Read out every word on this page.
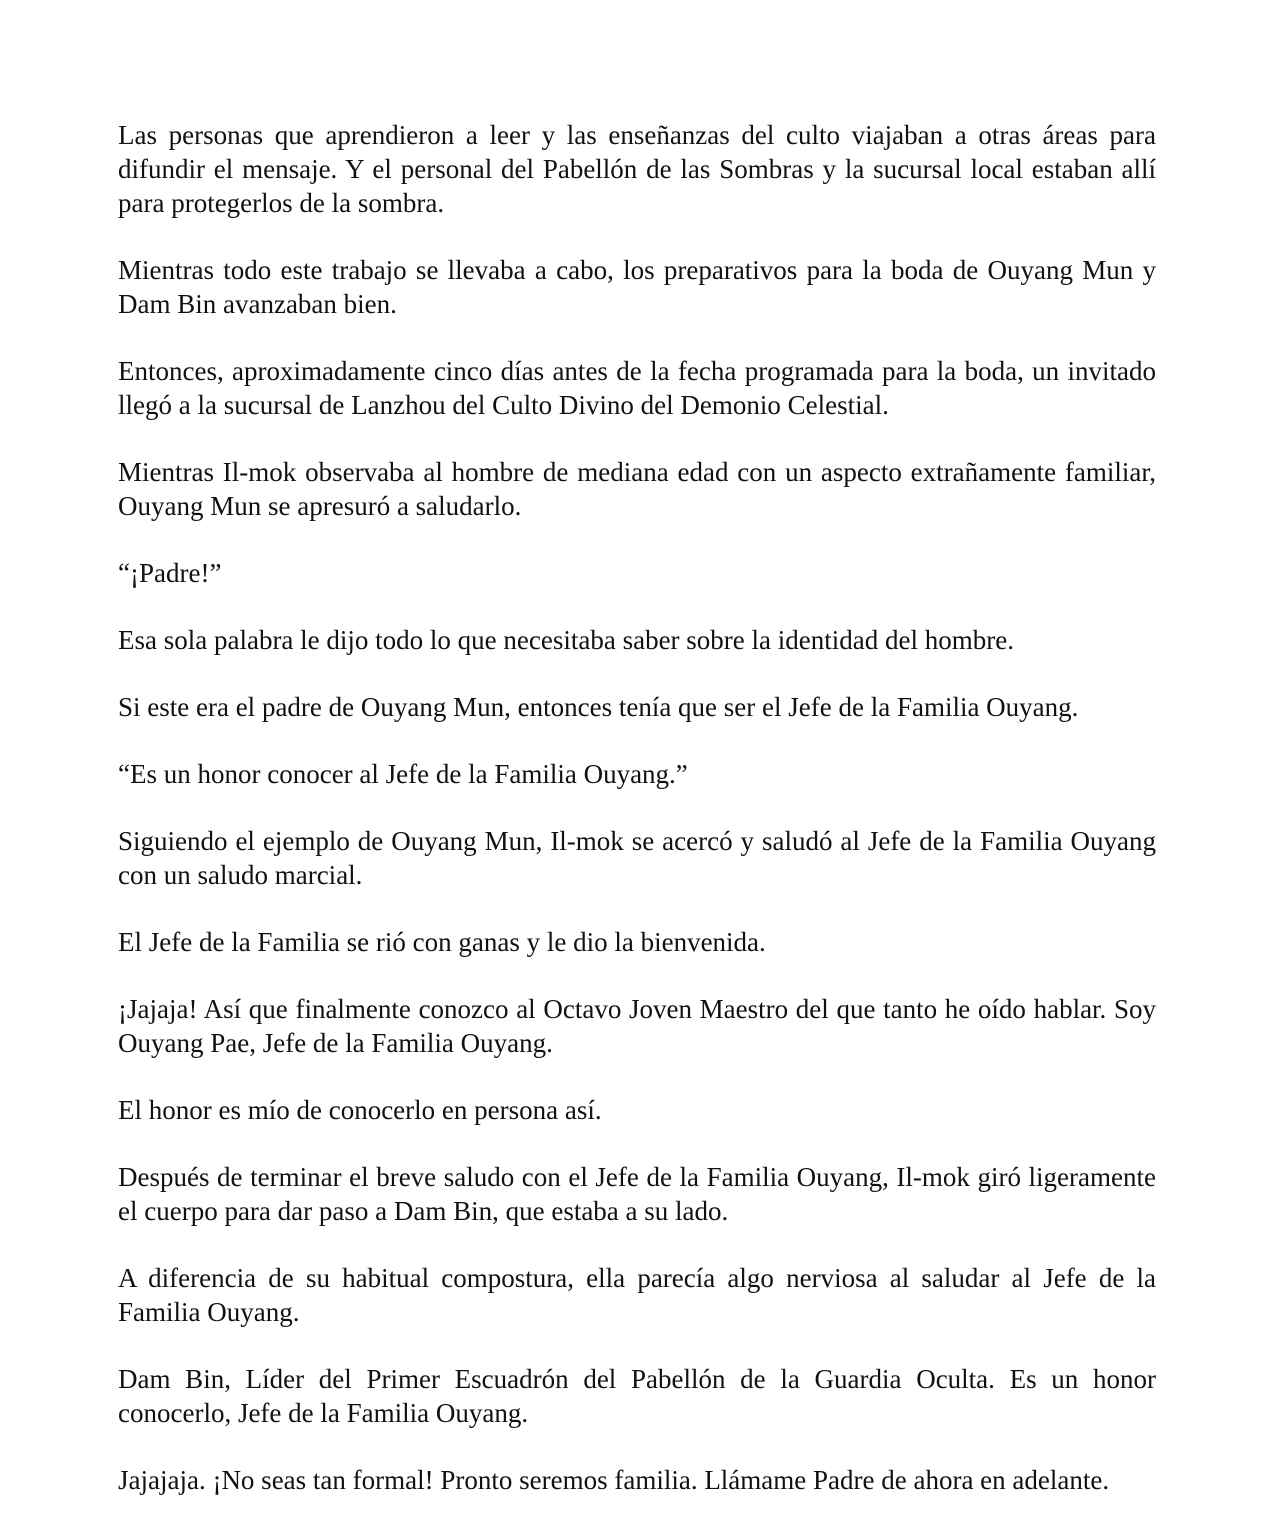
Las personas que aprendieron a leer y las enseñanzas del culto viajaban a otras áreas para difundir el mensaje. Y el personal del Pabellón de las Sombras y la sucursal local estaban allí para protegerlos de la sombra.

Mientras todo este trabajo se llevaba a cabo, los preparativos para la boda de Ouyang Mun y Dam Bin avanzaban bien.

Entonces, aproximadamente cinco días antes de la fecha programada para la boda, un invitado llegó a la sucursal de Lanzhou del Culto Divino del Demonio Celestial.

Mientras Il-mok observaba al hombre de mediana edad con un aspecto extrañamente familiar, Ouyang Mun se apresuró a saludarlo.

“¡Padre!”

Esa sola palabra le dijo todo lo que necesitaba saber sobre la identidad del hombre.

Si este era el padre de Ouyang Mun, entonces tenía que ser el Jefe de la Familia Ouyang.

“Es un honor conocer al Jefe de la Familia Ouyang.”

Siguiendo el ejemplo de Ouyang Mun, Il-mok se acercó y saludó al Jefe de la Familia Ouyang con un saludo marcial.

El Jefe de la Familia se rió con ganas y le dio la bienvenida.

¡Jajaja! Así que finalmente conozco al Octavo Joven Maestro del que tanto he oído hablar. Soy Ouyang Pae, Jefe de la Familia Ouyang.

El honor es mío de conocerlo en persona así.

Después de terminar el breve saludo con el Jefe de la Familia Ouyang, Il-mok giró ligeramente el cuerpo para dar paso a Dam Bin, que estaba a su lado.

A diferencia de su habitual compostura, ella parecía algo nerviosa al saludar al Jefe de la Familia Ouyang.

Dam Bin, Líder del Primer Escuadrón del Pabellón de la Guardia Oculta. Es un honor conocerlo, Jefe de la Familia Ouyang.

Jajajaja. ¡No seas tan formal! Pronto seremos familia. Llámame Padre de ahora en adelante.
